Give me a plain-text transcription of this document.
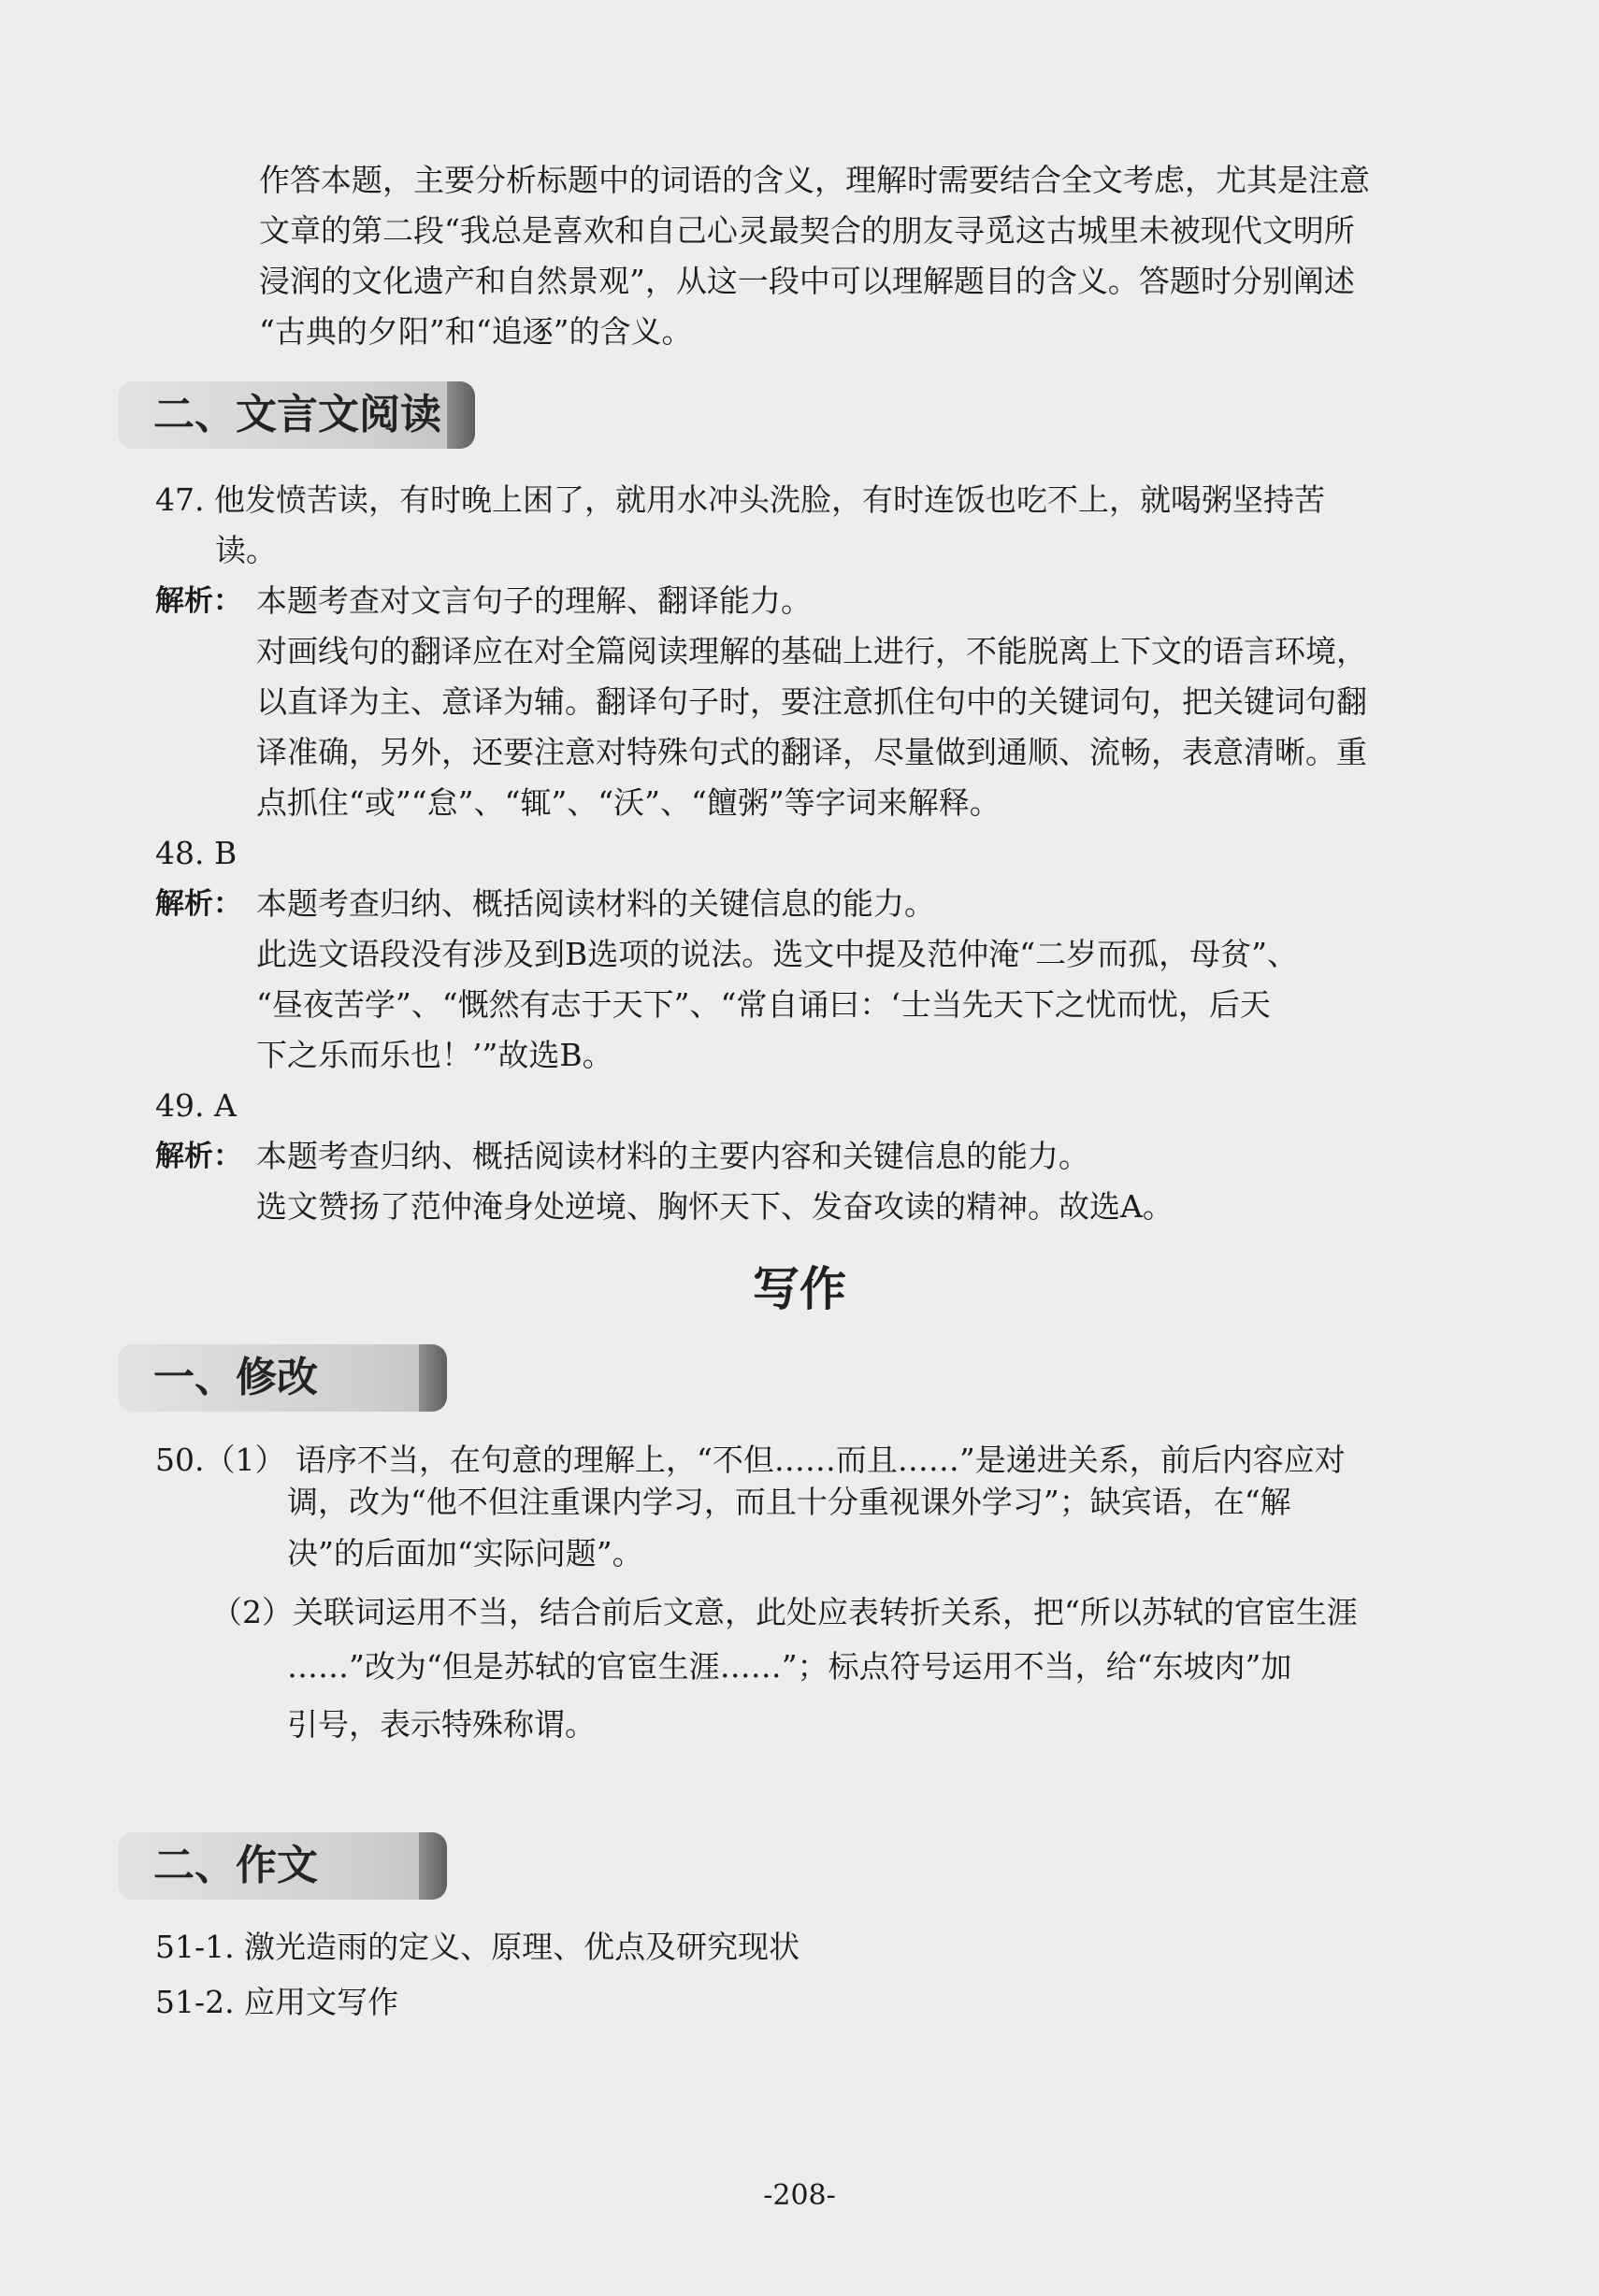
作答本题，主要分析标题中的词语的含义，理解时需要结合全文考虑，尤其是注意
文章的第二段“我总是喜欢和自己心灵最契合的朋友寻觅这古城里未被现代文明所
浸润的文化遗产和自然景观”，从这一段中可以理解题目的含义。答题时分别阐述
“古典的夕阳”和“追逐”的含义。
二、文言文阅读
47. 他发愤苦读，有时晚上困了，就用水冲头洗脸，有时连饭也吃不上，就喝粥坚持苦
读。
解析： 本题考查对文言句子的理解、翻译能力。
对画线句的翻译应在对全篇阅读理解的基础上进行，不能脱离上下文的语言环境，
以直译为主、意译为辅。翻译句子时，要注意抓住句中的关键词句，把关键词句翻
译准确，另外，还要注意对特殊句式的翻译，尽量做到通顺、流畅，表意清晰。重
点抓住“或”“怠”、“辄”、“沃”、“饘粥”等字词来解释。
48. B
解析： 本题考查归纳、概括阅读材料的关键信息的能力。
此选文语段没有涉及到B选项的说法。选文中提及范仲淹“二岁而孤，母贫”、
“昼夜苦学”、“慨然有志于天下”、“常自诵曰：‘士当先天下之忧而忧，后天
下之乐而乐也！’”故选B。
49. A
解析： 本题考查归纳、概括阅读材料的主要内容和关键信息的能力。
选文赞扬了范仲淹身处逆境、胸怀天下、发奋攻读的精神。故选A。
写作
一、修改
50.（1） 语序不当，在句意的理解上，“不但……而且……”是递进关系，前后内容应对
调，改为“他不但注重课内学习，而且十分重视课外学习”；缺宾语，在“解
决”的后面加“实际问题”。
（2）关联词运用不当，结合前后文意，此处应表转折关系，把“所以苏轼的官宦生涯
……”改为“但是苏轼的官宦生涯……”；标点符号运用不当，给“东坡肉”加
引号，表示特殊称谓。
二、作文
51-1. 激光造雨的定义、原理、优点及研究现状
51-2. 应用文写作
-208-
